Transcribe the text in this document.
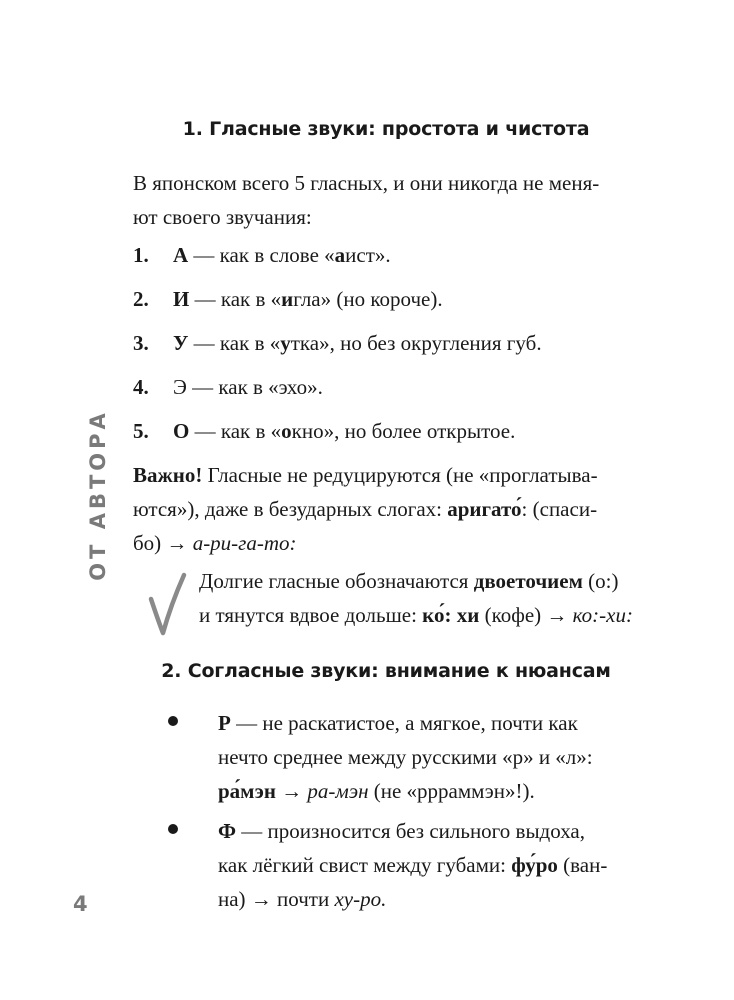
ОТ АВТОРА
1. Гласные звуки: простота и чистота
В японском всего 5 гласных, и они никогда не меня-
ют своего звучания:
1.	А — как в слове «аист».
2.	И — как в «игла» (но короче).
3.	У — как в «утка», но без округления губ.
4.	Э — как в «эхо».
5.	О — как в «окно», но более открытое.
Важно! Гласные не редуцируются (не «проглатыва-
ются»), даже в безударных слогах: аригато́: (спаси-
бо) → а-ри-га-то:
Долгие гласные обозначаются двоеточием (о:)
и тянутся вдвое дольше: ко́: хи (кофе) → ко:-хи:
2. Согласные звуки: внимание к нюансам
Р — не раскатистое, а мягкое, почти как
нечто среднее между русскими «р» и «л»:
ра́мэн → ра-мэн (не «ррраммэн»!).
Ф — произносится без сильного выдоха,
как лёгкий свист между губами: фу́ро (ван-
на) → почти ху-ро.
4
